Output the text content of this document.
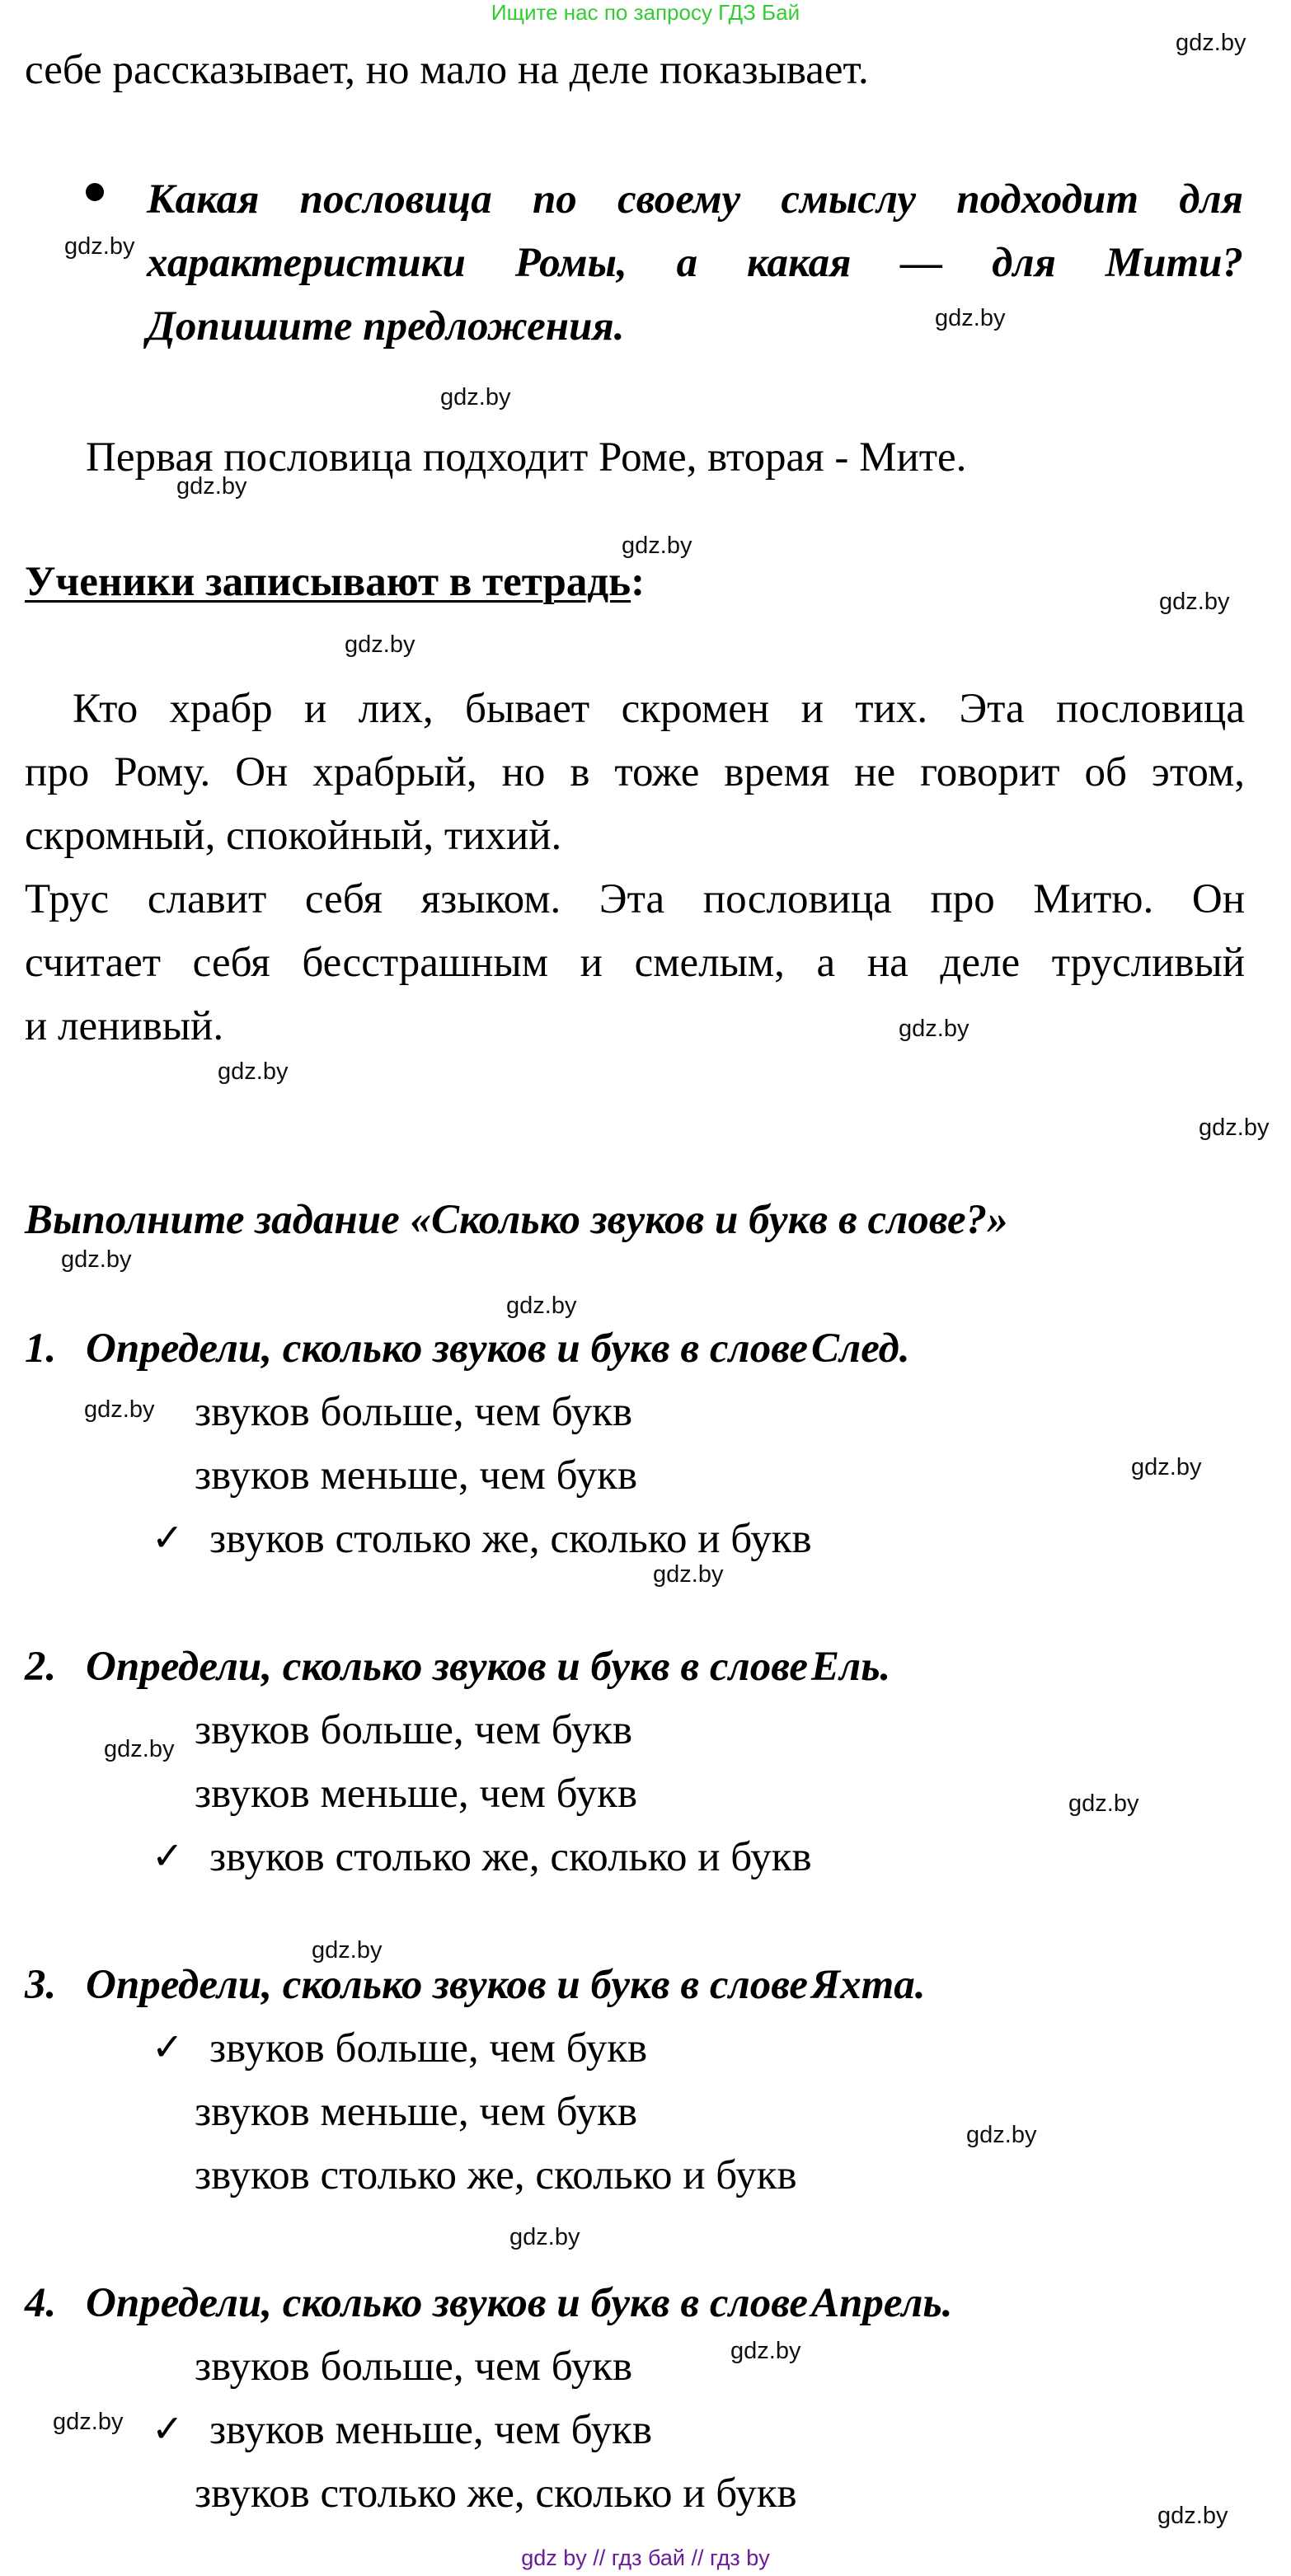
Ищите нас по запросу ГДЗ Бай
себе рассказывает, но мало на деле показывает.
Какая пословица по своему смыслу подходит для
характеристики Ромы, а какая — для Мити?
Допишите предложения.
Первая пословица подходит Роме, вторая - Мите.
Ученики записывают в тетрадь:
Кто храбр и лих, бывает скромен и тих. Эта пословица
про Рому. Он храбрый, но в тоже время не говорит об этом,
скромный, спокойный, тихий.
Трус славит себя языком. Эта пословица про Митю. Он
считает себя бесстрашным и смелым, а на деле трусливый
и ленивый.
Выполните задание «Сколько звуков и букв в слове?»
1. Определи, сколько звуков и букв в слове След.
звуков больше, чем букв
звуков меньше, чем букв
✓ звуков столько же, сколько и букв
2. Определи, сколько звуков и букв в слове Ель.
звуков больше, чем букв
звуков меньше, чем букв
✓ звуков столько же, сколько и букв
3. Определи, сколько звуков и букв в слове Яхта.
✓ звуков больше, чем букв
звуков меньше, чем букв
звуков столько же, сколько и букв
4. Определи, сколько звуков и букв в слове Апрель.
звуков больше, чем букв
✓ звуков меньше, чем букв
звуков столько же, сколько и букв
gdz.by
gdz.by
gdz.by
gdz.by
gdz.by
gdz.by
gdz.by
gdz.by
gdz.by
gdz.by
gdz.by
gdz.by
gdz.by
gdz.by
gdz.by
gdz.by
gdz.by
gdz.by
gdz.by
gdz.by
gdz.by
gdz.by
gdz.by
gdz.by
gdz by // гдз бай // гдз by
